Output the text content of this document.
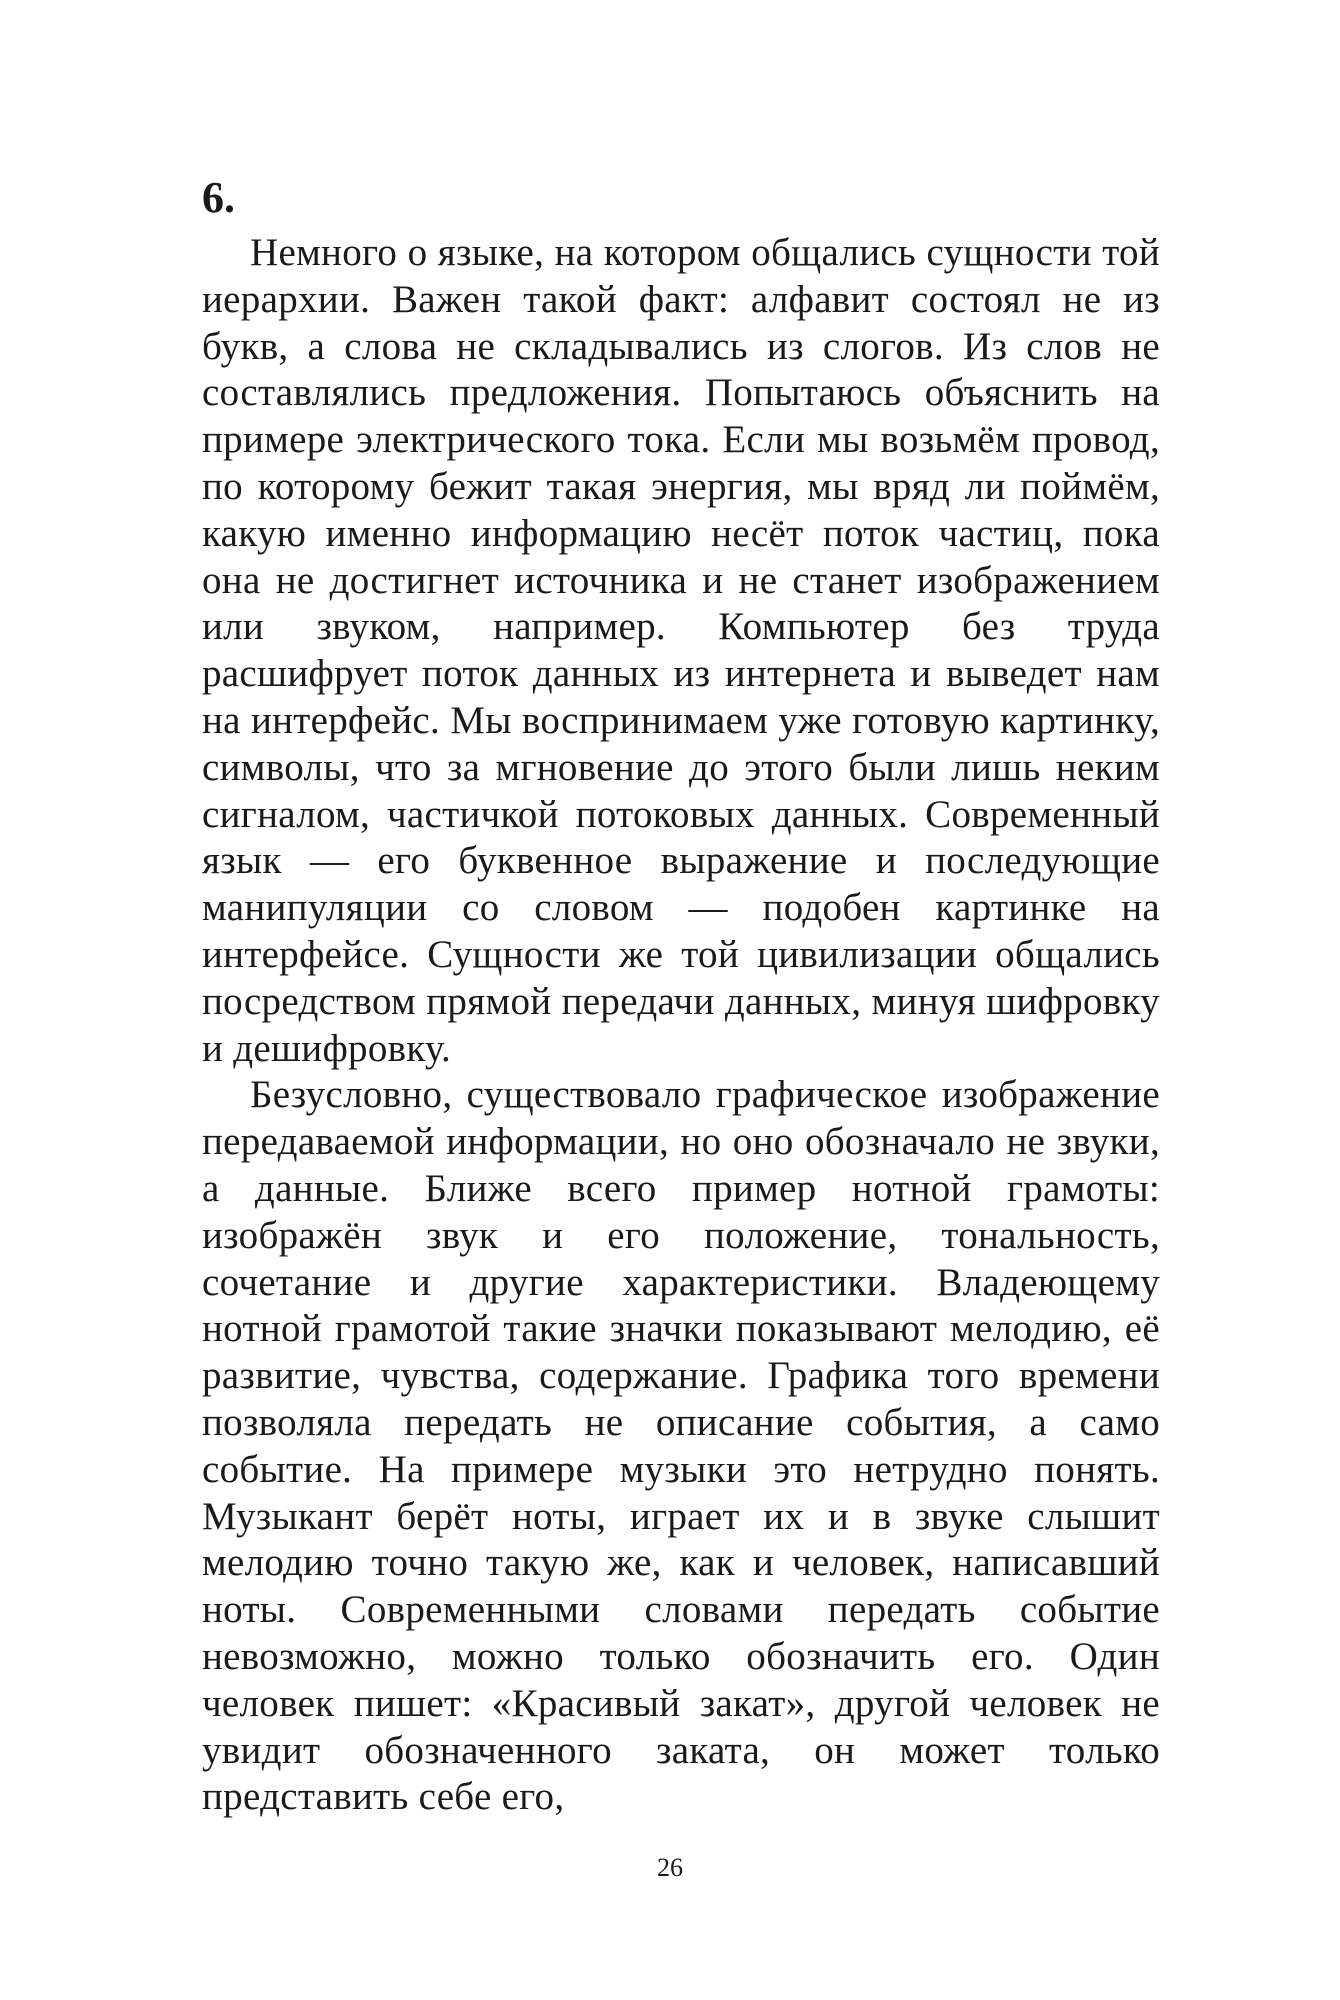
6.

Немного о языке, на котором общались сущности той иерархии. Важен такой факт: алфавит состоял не из букв, а слова не складывались из слогов. Из слов не составлялись предложения. Попытаюсь объяснить на примере электрического тока. Если мы возьмём провод, по которому бежит такая энергия, мы вряд ли поймём, какую именно информацию несёт поток частиц, пока она не достигнет источника и не станет изображением или звуком, например. Компьютер без труда расшифрует поток данных из интернета и выведет нам на интерфейс. Мы воспринимаем уже готовую картинку, символы, что за мгновение до этого были лишь неким сигналом, частичкой потоковых данных. Современный язык — его буквенное выражение и последующие манипуляции со словом — подобен картинке на интерфейсе. Сущности же той цивилизации общались посредством прямой передачи данных, минуя шифровку и дешифровку.

Безусловно, существовало графическое изображение передаваемой информации, но оно обозначало не звуки, а данные. Ближе всего пример нотной грамоты: изображён звук и его положение, тональность, сочетание и другие характеристики. Владеющему нотной грамотой такие значки показывают мелодию, её развитие, чувства, содержание. Графика того времени позволяла передать не описание события, а само событие. На примере музыки это нетрудно понять. Музыкант берёт ноты, играет их и в звуке слышит мелодию точно такую же, как и человек, написавший ноты. Современными словами передать событие невозможно, можно только обозначить его. Один человек пишет: «Красивый закат», другой человек не увидит обозначенного заката, он может только представить себе его,

26
